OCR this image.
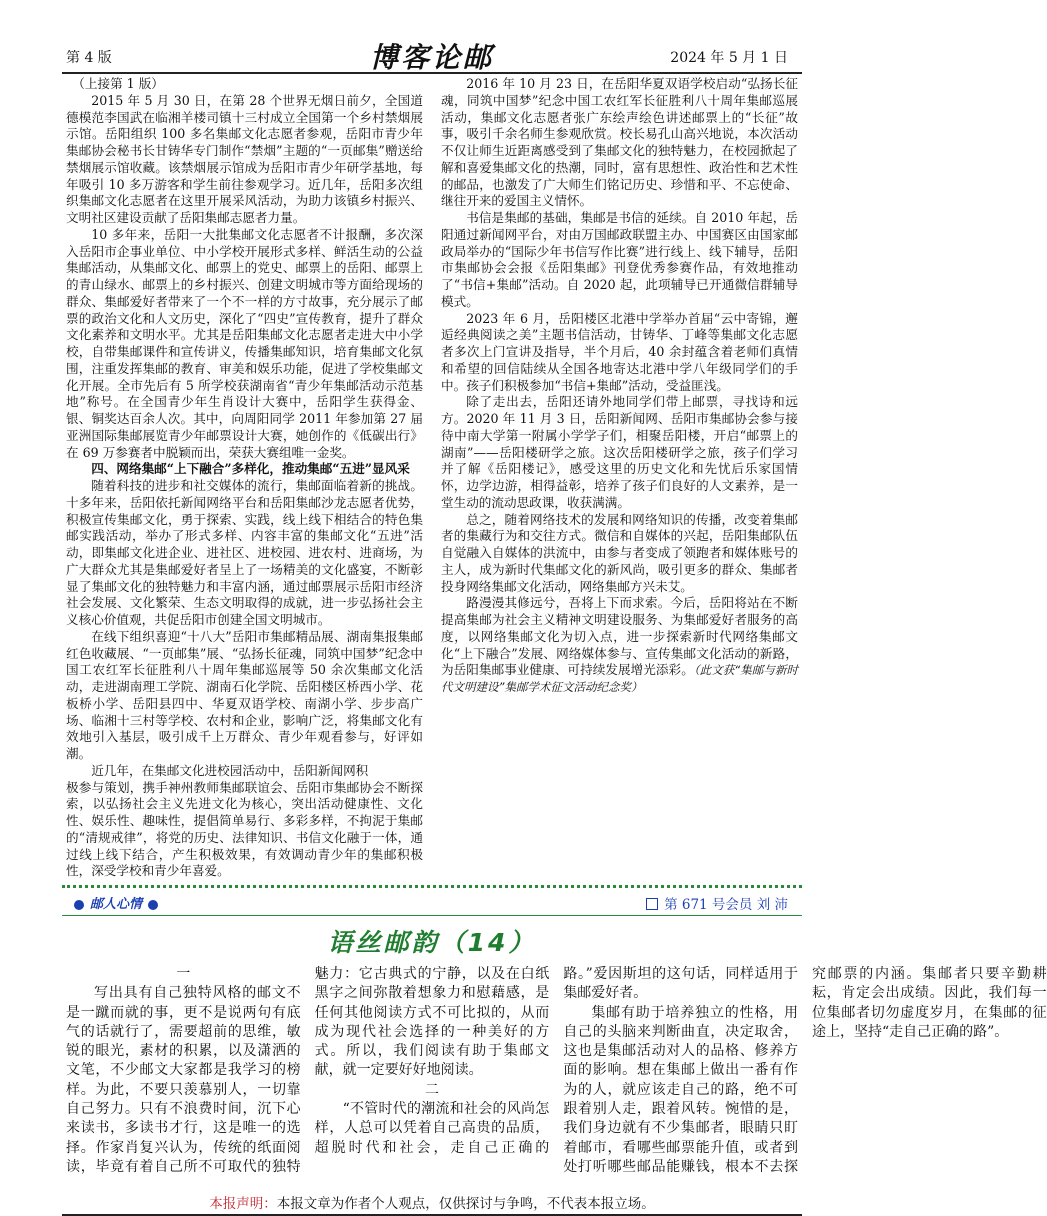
第 4 版	博客论邮	2024 年 5 月 1 日

（上接第 1 版）

2015 年 5 月 30 日，在第 28 个世界无烟日前夕，全国道德模范李国武在临湘羊楼司镇十三村成立全国第一个乡村禁烟展示馆。岳阳组织 100 多名集邮文化志愿者参观，岳阳市青少年集邮协会秘书长甘铸华专门制作“禁烟”主题的“一页邮集”赠送给禁烟展示馆收藏。该禁烟展示馆成为岳阳市青少年研学基地，每年吸引 10 多万游客和学生前往参观学习。近几年，岳阳多次组织集邮文化志愿者在这里开展采风活动，为助力该镇乡村振兴、文明社区建设贡献了岳阳集邮志愿者力量。

10 多年来，岳阳一大批集邮文化志愿者不计报酬，多次深入岳阳市企事业单位、中小学校开展形式多样、鲜活生动的公益集邮活动，从集邮文化、邮票上的党史、邮票上的岳阳、邮票上的青山绿水、邮票上的乡村振兴、创建文明城市等方面给现场的群众、集邮爱好者带来了一个不一样的方寸故事，充分展示了邮票的政治文化和人文历史，深化了“四史”宣传教育，提升了群众文化素养和文明水平。尤其是岳阳集邮文化志愿者走进大中小学校，自带集邮课件和宣传讲义，传播集邮知识，培育集邮文化氛围，注重发挥集邮的教育、审美和娱乐功能，促进了学校集邮文化开展。全市先后有 5 所学校获湖南省“青少年集邮活动示范基地”称号。在全国青少年生肖设计大赛中，岳阳学生获得金、银、铜奖达百余人次。其中，向周阳同学 2011 年参加第 27 届亚洲国际集邮展览青少年邮票设计大赛，她创作的《低碳出行》在 69 万参赛者中脱颖而出，荣获大赛组唯一金奖。

四、网络集邮“上下融合”多样化，推动集邮“五进”显风采

随着科技的进步和社交媒体的流行，集邮面临着新的挑战。十多年来，岳阳依托新闻网络平台和岳阳集邮沙龙志愿者优势，积极宣传集邮文化，勇于探索、实践，线上线下相结合的特色集邮实践活动，举办了形式多样、内容丰富的集邮文化“五进”活动，即集邮文化进企业、进社区、进校园、进农村、进商场，为广大群众尤其是集邮爱好者呈上了一场精美的文化盛宴，不断彰显了集邮文化的独特魅力和丰富内涵，通过邮票展示岳阳市经济社会发展、文化繁荣、生态文明取得的成就，进一步弘扬社会主义核心价值观，共促岳阳市创建全国文明城市。

在线下组织喜迎“十八大”岳阳市集邮精品展、湖南集报集邮红色收藏展、“一页邮集”展、“弘扬长征魂，同筑中国梦”纪念中国工农红军长征胜利八十周年集邮巡展等 50 余次集邮文化活动，走进湖南理工学院、湖南石化学院、岳阳楼区桥西小学、花板桥小学、岳阳县四中、华夏双语学校、南湖小学、步步高广场、临湘十三村等学校、农村和企业，影响广泛，将集邮文化有效地引入基层，吸引成千上万群众、青少年观看参与，好评如潮。

近几年，在集邮文化进校园活动中，岳阳新闻网积

极参与策划，携手神州教师集邮联谊会、岳阳市集邮协会不断探索，以弘扬社会主义先进文化为核心，突出活动健康性、文化性、娱乐性、趣味性，提倡简单易行、多彩多样，不拘泥于集邮的“清规戒律”，将党的历史、法律知识、书信文化融于一体，通过线上线下结合，产生积极效果，有效调动青少年的集邮积极性，深受学校和青少年喜爱。

2016 年 10 月 23 日，在岳阳华夏双语学校启动“弘扬长征魂，同筑中国梦”纪念中国工农红军长征胜利八十周年集邮巡展活动，集邮文化志愿者张广东绘声绘色讲述邮票上的“长征”故事，吸引千余名师生参观欣赏。校长易孔山高兴地说，本次活动不仅让师生近距离感受到了集邮文化的独特魅力，在校园掀起了解和喜爱集邮文化的热潮，同时，富有思想性、政治性和艺术性的邮品，也激发了广大师生们铭记历史、珍惜和平、不忘使命、继往开来的爱国主义情怀。

书信是集邮的基础，集邮是书信的延续。自 2010 年起，岳阳通过新闻网平台，对由万国邮政联盟主办、中国赛区由国家邮政局举办的“国际少年书信写作比赛”进行线上、线下辅导，岳阳市集邮协会会报《岳阳集邮》刊登优秀参赛作品，有效地推动了“书信+集邮”活动。自 2020 起，此项辅导已开通微信群辅导模式。

2023 年 6 月，岳阳楼区北港中学举办首届“云中寄锦，邂逅经典阅读之美”主题书信活动，甘铸华、丁峰等集邮文化志愿者多次上门宣讲及指导，半个月后，40 余封蕴含着老师们真情和希望的回信陆续从全国各地寄达北港中学八年级同学们的手中。孩子们积极参加“书信+集邮”活动，受益匪浅。

除了走出去，岳阳还请外地同学们带上邮票，寻找诗和远方。2020 年 11 月 3 日，岳阳新闻网、岳阳市集邮协会参与接待中南大学第一附属小学学子们，相聚岳阳楼，开启“邮票上的湖南”——岳阳楼研学之旅。这次岳阳楼研学之旅，孩子们学习并了解《岳阳楼记》，感受这里的历史文化和先忧后乐家国情怀，边学边游，相得益彰，培养了孩子们良好的人文素养，是一堂生动的流动思政课，收获满满。

总之，随着网络技术的发展和网络知识的传播，改变着集邮者的集藏行为和交往方式。微信和自媒体的兴起，岳阳集邮队伍自觉融入自媒体的洪流中，由参与者变成了领跑者和媒体账号的主人，成为新时代集邮文化的新风尚，吸引更多的群众、集邮者投身网络集邮文化活动，网络集邮方兴未艾。

路漫漫其修远兮，吾将上下而求索。今后，岳阳将站在不断提高集邮为社会主义精神文明建设服务、为集邮爱好者服务的高度，以网络集邮文化为切入点，进一步探索新时代网络集邮文化“上下融合”发展、网络媒体参与、宣传集邮文化活动的新路，为岳阳集邮事业健康、可持续发展增光添彩。（此文获“集邮与新时代文明建设”集邮学术征文活动纪念奖）

邮人心情	第 671 号会员 刘 沛
语丝邮韵（14）

一

写出具有自己独特风格的邮文不是一蹴而就的事，更不是说两句有底气的话就行了，需要超前的思维，敏锐的眼光，素材的积累，以及潇洒的文笔，不少邮文大家都是我学习的榜样。为此，不要只羡慕别人，一切靠自己努力。只有不浪费时间，沉下心来读书，多读书才行，这是唯一的选择。作家肖复兴认为，传统的纸面阅读，毕竟有着自己所不可取代的独特魅力：它古典式的宁静，以及在白纸黑字之间弥散着想象力和慰藉感，是任何其他阅读方式不可比拟的，从而成为现代社会选择的一种美好的方式。所以，我们阅读有助于集邮文献，就一定要好好地阅读。

二

“不管时代的潮流和社会的风尚怎样，人总可以凭着自己高贵的品质，超脱时代和社会，走自己正确的路。”爱因斯坦的这句话，同样适用于集邮爱好者。

集邮有助于培养独立的性格，用自己的头脑来判断曲直，决定取舍，这也是集邮活动对人的品格、修养方面的影响。想在集邮上做出一番有作为的人，就应该走自己的路，绝不可跟着别人走，跟着风转。惋惜的是，我们身边就有不少集邮者，眼睛只盯着邮市，看哪些邮票能升值，或者到处打听哪些邮品能赚钱，根本不去探究邮票的内涵。集邮者只要辛勤耕耘，肯定会出成绩。因此，我们每一位集邮者切勿虚度岁月，在集邮的征途上，坚持“走自己正确的路”。

本报声明：本报文章为作者个人观点，仅供探讨与争鸣，不代表本报立场。
